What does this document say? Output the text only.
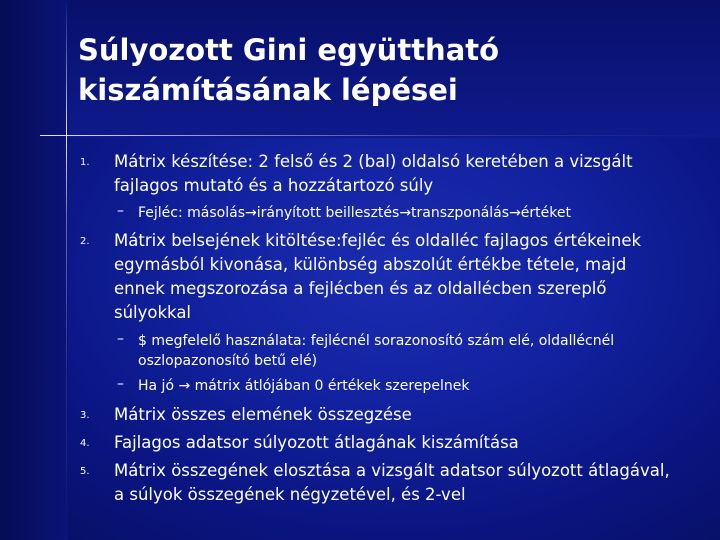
Súlyozott Gini együttható
kiszámításának lépései
1. Mátrix készítése: 2 felső és 2 (bal) oldalsó keretében a vizsgált
fajlagos mutató és a hozzátartozó súly
– Fejléc: másolás→irányított beillesztés→transzponálás→értéket
2. Mátrix belsejének kitöltése:fejléc és oldalléc fajlagos értékeinek
egymásból kivonása, különbség abszolút értékbe tétele, majd
ennek megszorozása a fejlécben és az oldallécben szereplő
súlyokkal
– $ megfelelő használata: fejlécnél sorazonosító szám elé, oldallécnél
oszlopazonosító betű elé)
– Ha jó → mátrix átlójában 0 értékek szerepelnek
3. Mátrix összes elemének összegzése
4. Fajlagos adatsor súlyozott átlagának kiszámítása
5. Mátrix összegének elosztása a vizsgált adatsor súlyozott átlagával,
a súlyok összegének négyzetével, és 2-vel
